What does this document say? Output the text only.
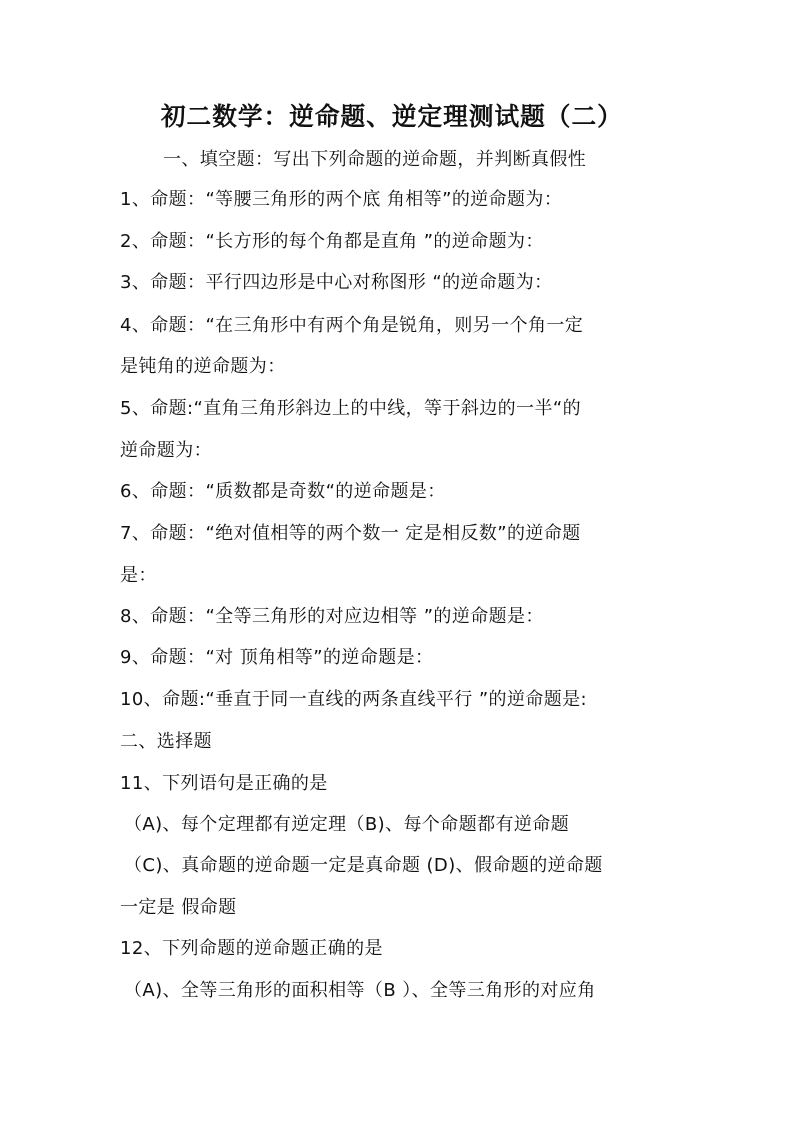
初二数学：逆命题、逆定理测试题（二）
一、填空题：写出下列命题的逆命题，并判断真假性
1、命题：“等腰三角形的两个底 角相等”的逆命题为：
2、命题：“长方形的每个角都是直角 ”的逆命题为：
3、命题：平行四边形是中心对称图形 “的逆命题为：
4、命题：“在三角形中有两个角是锐角，则另一个角一定
是钝角的逆命题为：
5、命题:“直角三角形斜边上的中线，等于斜边的一半“的
逆命题为：
6、命题：“质数都是奇数“的逆命题是：
7、命题：“绝对值相等的两个数一 定是相反数”的逆命题
是：
8、命题：“全等三角形的对应边相等 ”的逆命题是：
9、命题：“对 顶角相等”的逆命题是：
10、命题:“垂直于同一直线的两条直线平行 ”的逆命题是:
二、选择题
11、下列语句是正确的是
（A)、每个定理都有逆定理（B)、每个命题都有逆命题
（C)、真命题的逆命题一定是真命题 (D)、假命题的逆命题
一定是 假命题
12、下列命题的逆命题正确的是
（A)、全等三角形的面积相等（B ）、全等三角形的对应角
